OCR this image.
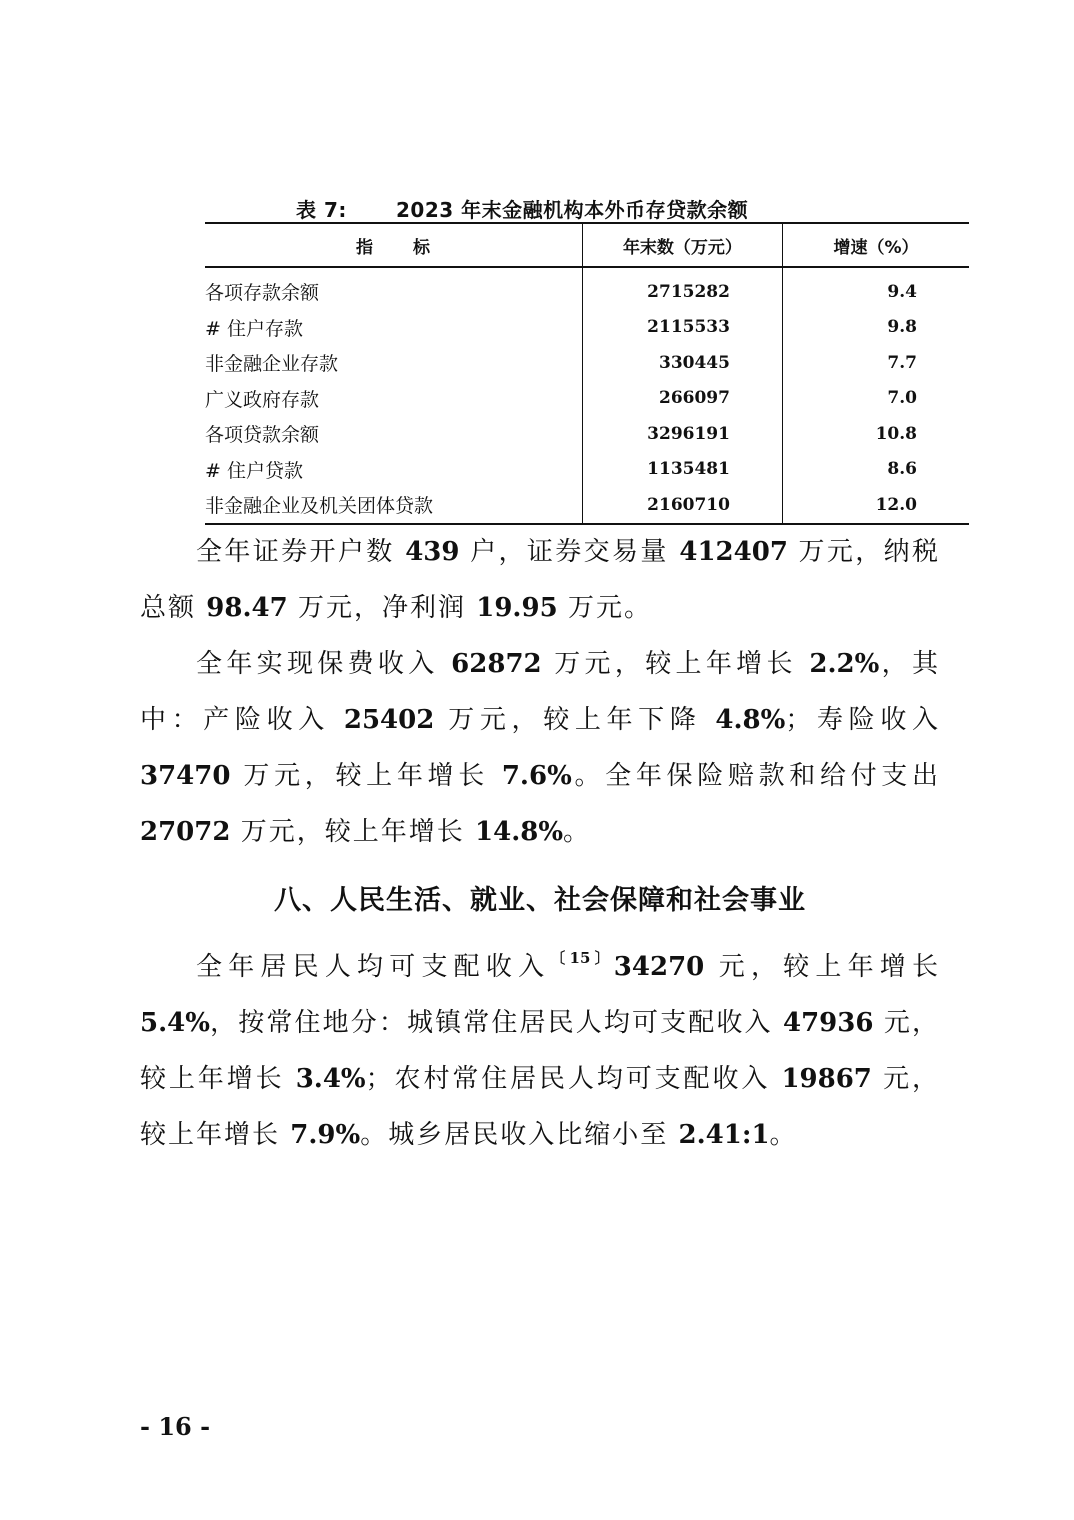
表 7: 2023 年末金融机构本外币存贷款余额
指标	年末数（万元）	增速（%）
各项存款余额	2715282	9.4
# 住户存款	2115533	9.8
非金融企业存款	330445	7.7
广义政府存款	266097	7.0
各项贷款余额	3296191	10.8
# 住户贷款	1135481	8.6
非金融企业及机关团体贷款	2160710	12.0

全年证券开户数 439 户，证券交易量 412407 万元，纳税总额 98.47 万元，净利润 19.95 万元。

全年实现保费收入 62872 万元，较上年增长 2.2%，其中：产险收入 25402 万元，较上年下降 4.8%；寿险收入 37470 万元，较上年增长 7.6%。全年保险赔款和给付支出 27072 万元，较上年增长 14.8%。

八、人民生活、就业、社会保障和社会事业

全年居民人均可支配收入$^{〔15〕}$34270 元，较上年增长 5.4%，按常住地分：城镇常住居民人均可支配收入 47936 元，较上年增长 3.4%；农村常住居民人均可支配收入 19867 元，较上年增长 7.9%。城乡居民收入比缩小至 2.41:1。

- 16 -
